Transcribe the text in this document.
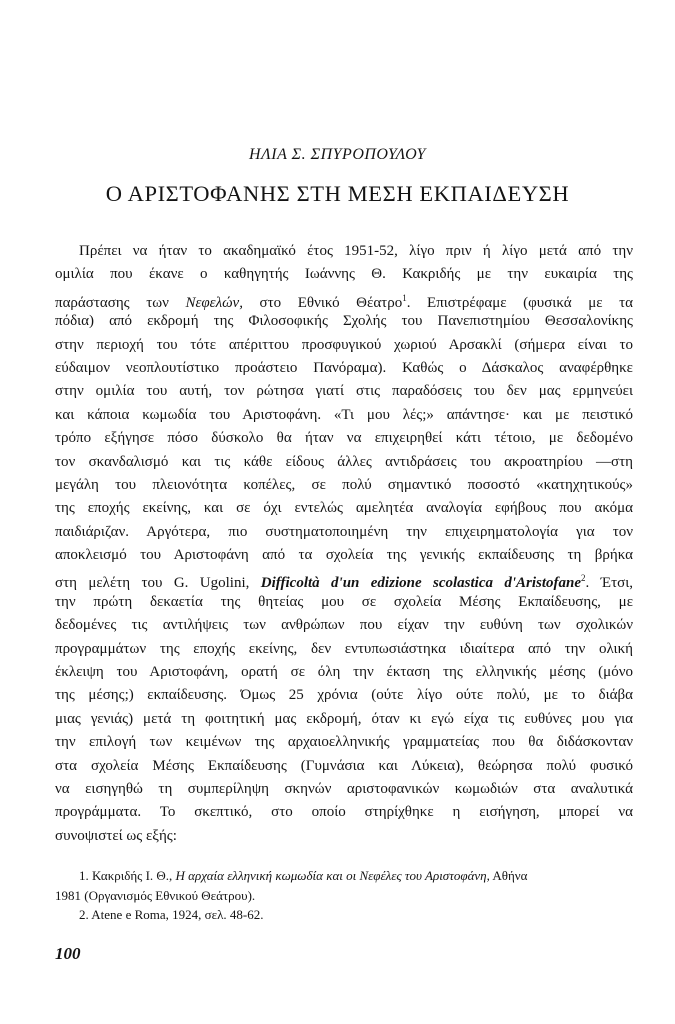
ΗΛΙΑ Σ. ΣΠΥΡΟΠΟΥΛΟΥ
Ο ΑΡΙΣΤΟΦΑΝΗΣ ΣΤΗ ΜΕΣΗ ΕΚΠΑΙΔΕΥΣΗ
Πρέπει να ήταν το ακαδημαϊκό έτος 1951-52, λίγο πριν ή λίγο μετά από την
ομιλία που έκανε ο καθηγητής Ιωάννης Θ. Κακριδής με την ευκαιρία της
παράστασης των Νεφελών, στο Εθνικό Θέατρο$^1$. Επιστρέφαμε (φυσικά με τα
πόδια) από εκδρομή της Φιλοσοφικής Σχολής του Πανεπιστημίου Θεσσαλονίκης
στην περιοχή του τότε απέριττου προσφυγικού χωριού Αρσακλί (σήμερα είναι το
εύδαιμον νεοπλουτίστικο προάστειο Πανόραμα). Καθώς ο Δάσκαλος αναφέρθηκε
στην ομιλία του αυτή, τον ρώτησα γιατί στις παραδόσεις του δεν μας ερμηνεύει
και κάποια κωμωδία του Αριστοφάνη. «Τι μου λές;» απάντησε· και με πειστικό
τρόπο εξήγησε πόσο δύσκολο θα ήταν να επιχειρηθεί κάτι τέτοιο, με δεδομένο
τον σκανδαλισμό και τις κάθε είδους άλλες αντιδράσεις του ακροατηρίου —στη
μεγάλη του πλειονότητα κοπέλες, σε πολύ σημαντικό ποσοστό «κατηχητικούς»
της εποχής εκείνης, και σε όχι εντελώς αμελητέα αναλογία εφήβους που ακόμα
παιδιάριζαν. Αργότερα, πιο συστηματοποιημένη την επιχειρηματολογία για τον
αποκλεισμό του Αριστοφάνη από τα σχολεία της γενικής εκπαίδευσης τη βρήκα
στη μελέτη του G. Ugolini, Difficoltà d'un edizione scolastica d'Aristofane$^2$. Έτσι,
την πρώτη δεκαετία της θητείας μου σε σχολεία Μέσης Εκπαίδευσης, με
δεδομένες τις αντιλήψεις των ανθρώπων που είχαν την ευθύνη των σχολικών
προγραμμάτων της εποχής εκείνης, δεν εντυπωσιάστηκα ιδιαίτερα από την ολική
έκλειψη του Αριστοφάνη, ορατή σε όλη την έκταση της ελληνικής μέσης (μόνο
της μέσης;) εκπαίδευσης. Όμως 25 χρόνια (ούτε λίγο ούτε πολύ, με το διάβα
μιας γενιάς) μετά τη φοιτητική μας εκδρομή, όταν κι εγώ είχα τις ευθύνες μου για
την επιλογή των κειμένων της αρχαιοελληνικής γραμματείας που θα διδάσκονταν
στα σχολεία Μέσης Εκπαίδευσης (Γυμνάσια και Λύκεια), θεώρησα πολύ φυσικό
να εισηγηθώ τη συμπερίληψη σκηνών αριστοφανικών κωμωδιών στα αναλυτικά
προγράμματα. Το σκεπτικό, στο οποίο στηρίχθηκε η εισήγηση, μπορεί να
συνοψιστεί ως εξής:
1. Κακριδής Ι. Θ., Η αρχαία ελληνική κωμωδία και οι Νεφέλες του Αριστοφάνη, Αθήνα
1981 (Οργανισμός Εθνικού Θεάτρου).
2. Atene e Roma, 1924, σελ. 48-62.
100
